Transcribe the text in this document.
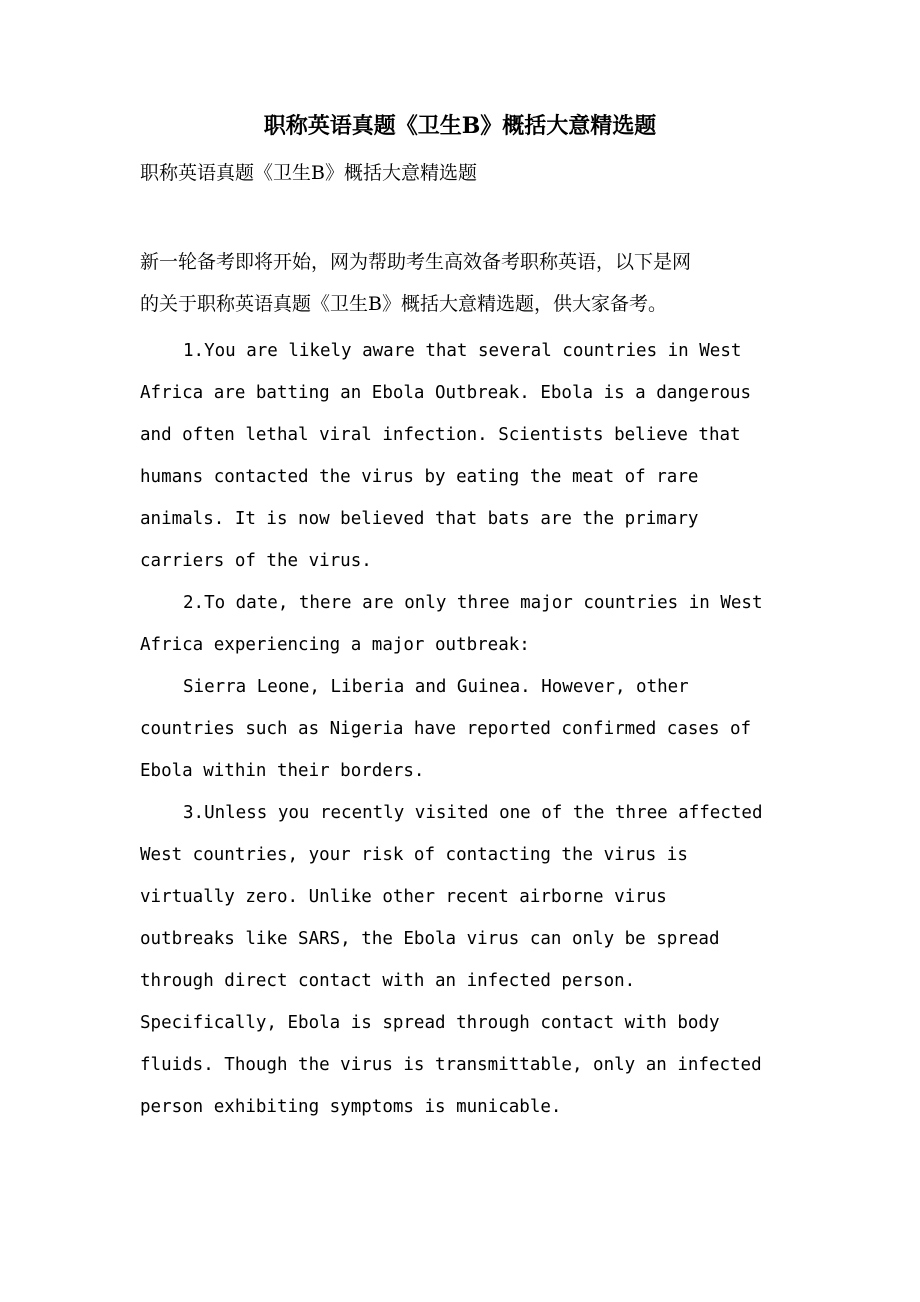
职称英语真题《卫生B》概括大意精选题

职称英语真题《卫生B》概括大意精选题

新一轮备考即将开始，网为帮助考生高效备考职称英语，以下是网
的关于职称英语真题《卫生B》概括大意精选题，供大家备考。
1.You are likely aware that several countries in West
Africa are batting an Ebola Outbreak. Ebola is a dangerous
and often lethal viral infection. Scientists believe that
humans contacted the virus by eating the meat of rare
animals. It is now believed that bats are the primary
carriers of the virus.
2.To date, there are only three major countries in West
Africa experiencing a major outbreak:
Sierra Leone, Liberia and Guinea. However, other
countries such as Nigeria have reported confirmed cases of
Ebola within their borders.
3.Unless you recently visited one of the three affected
West countries, your risk of contacting the virus is
virtually zero. Unlike other recent airborne virus
outbreaks like SARS, the Ebola virus can only be spread
through direct contact with an infected person.
Specifically, Ebola is spread through contact with body
fluids. Though the virus is transmittable, only an infected
person exhibiting symptoms is municable.
